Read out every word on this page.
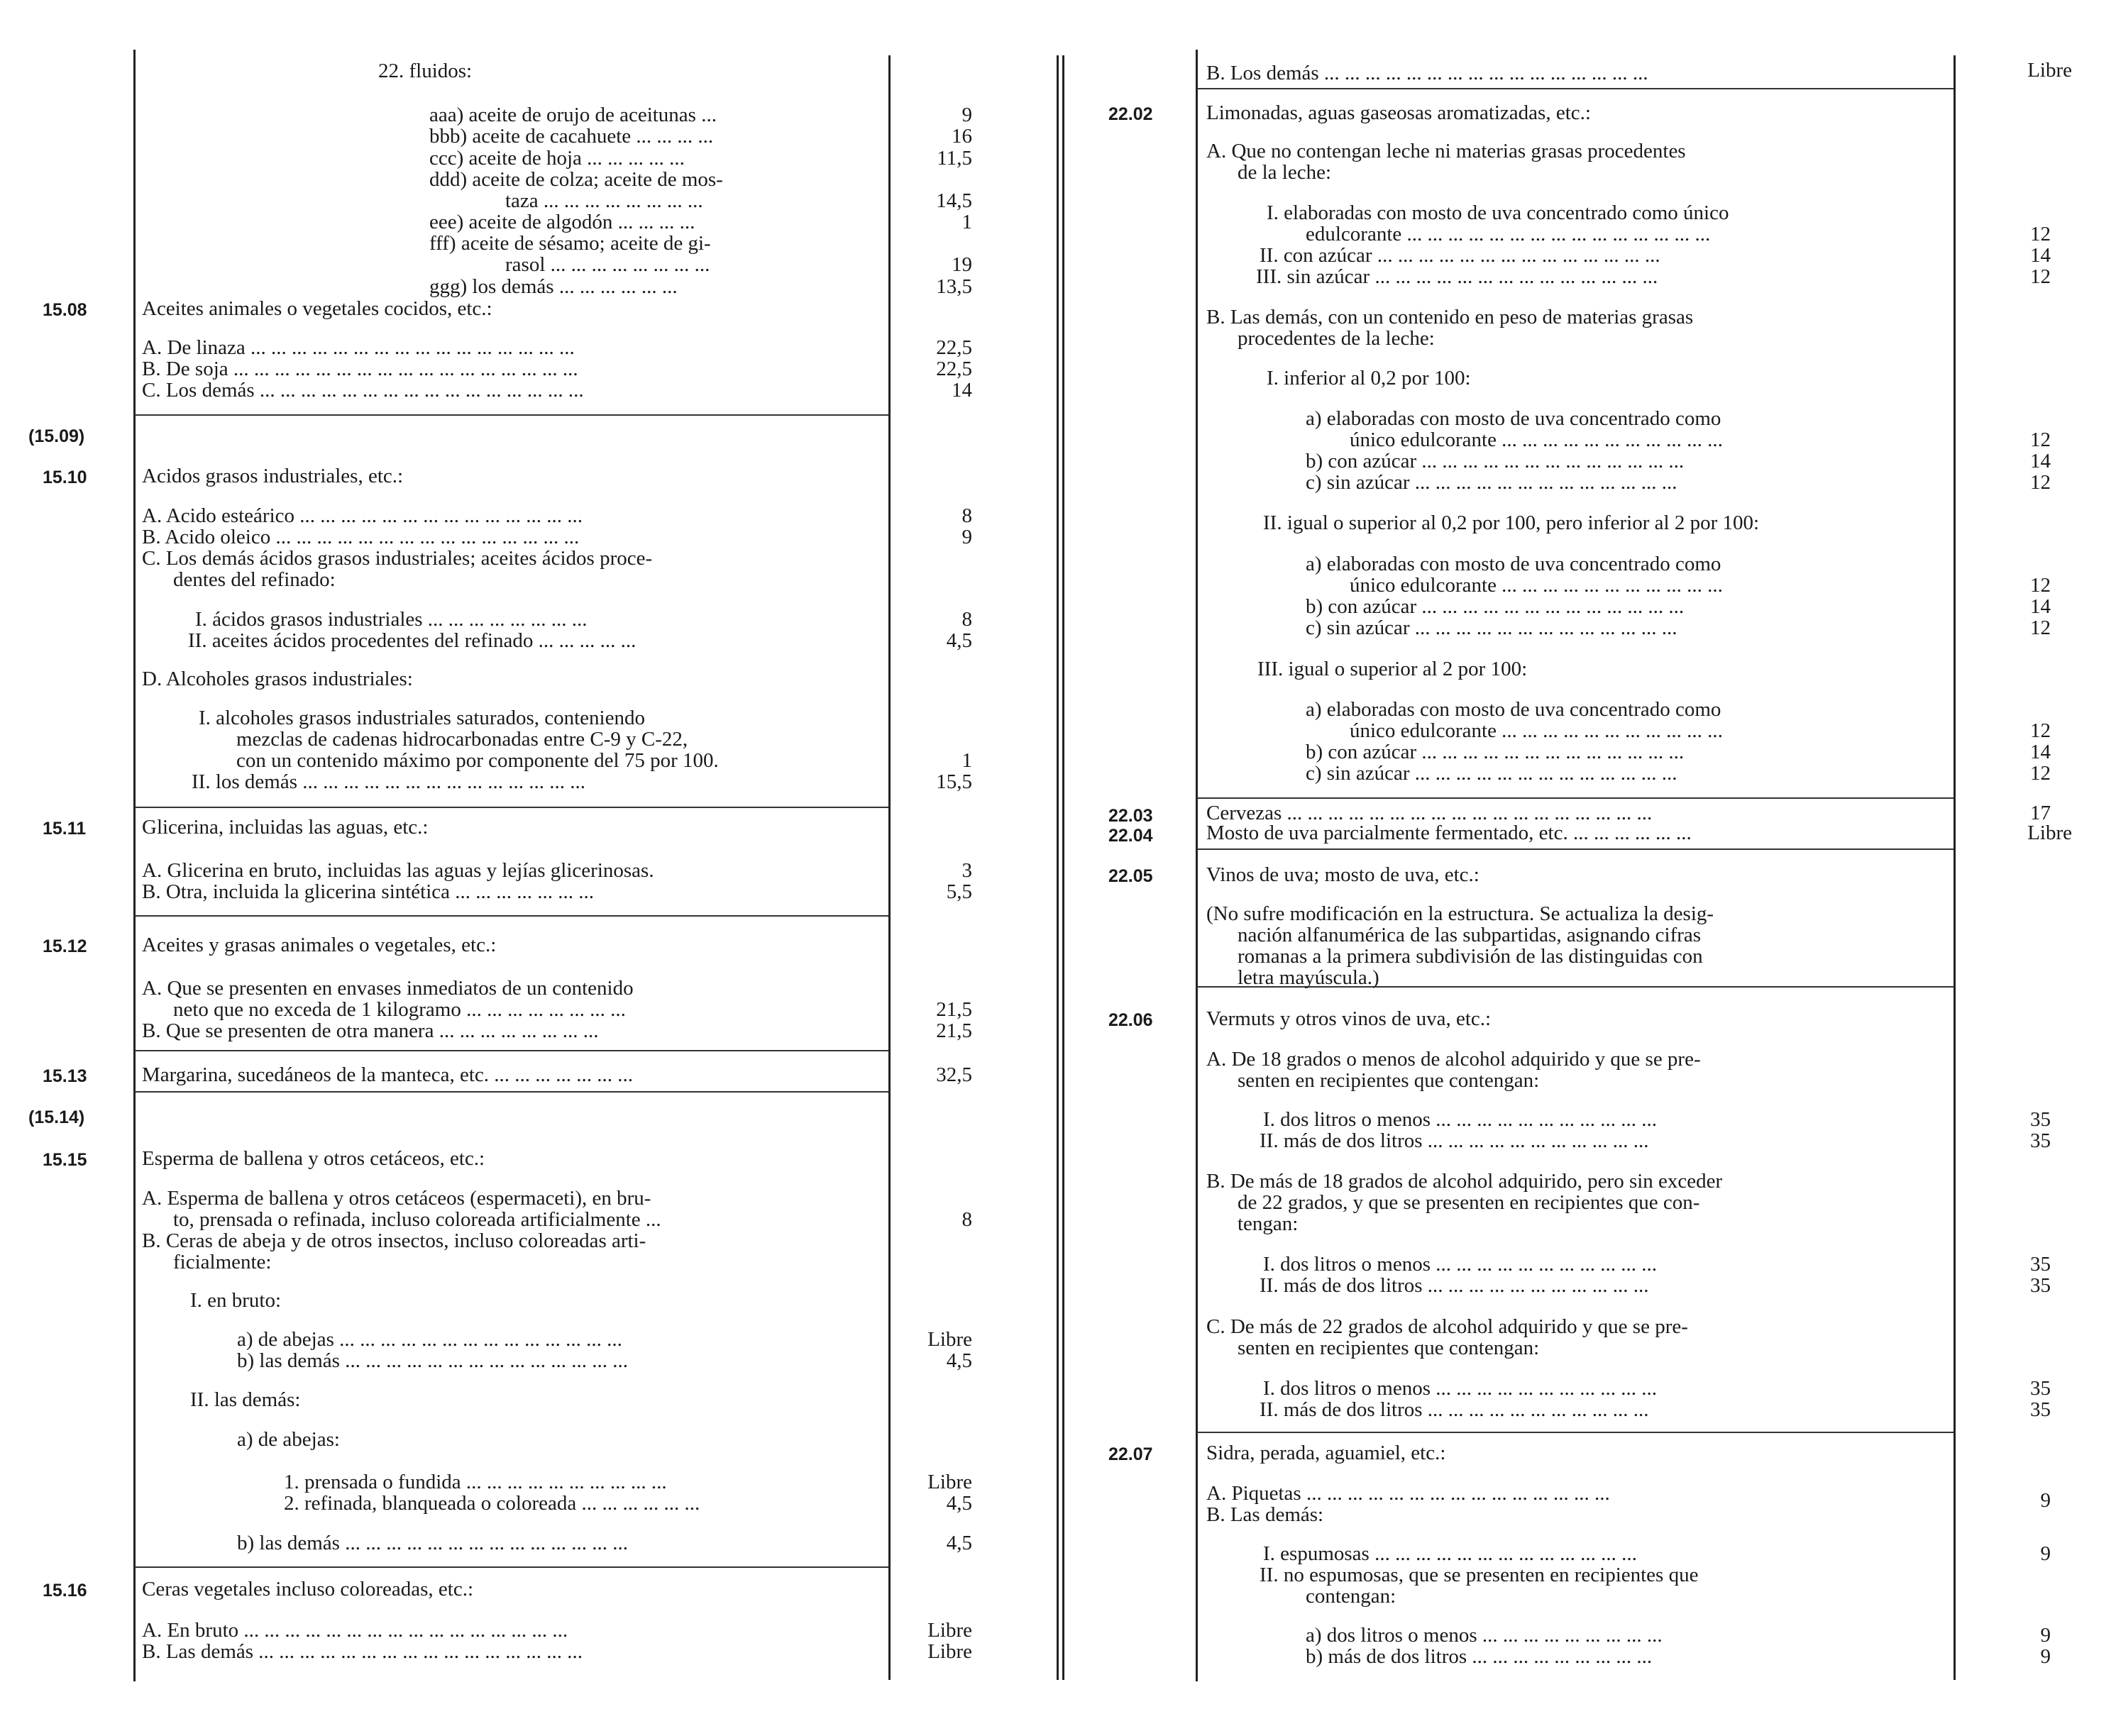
22. fluidos:
aaa) aceite de orujo de aceitunas ...	9
bbb) aceite de cacahuete ... ... ... ...	16
ccc) aceite de hoja ... ... ... ... ...	11,5
ddd) aceite de colza; aceite de mos-
taza ... ... ... ... ... ... ... ...	14,5
eee) aceite de algodón ... ... ... ...	1
fff) aceite de sésamo; aceite de gi-
rasol ... ... ... ... ... ... ... ...	19
ggg) los demás ... ... ... ... ... ...	13,5
15.08	Aceites animales o vegetales cocidos, etc.:
A. De linaza ... ... ... ... ... ... ... ... ... ... ... ... ... ... ... ...	22,5
B. De soja ... ... ... ... ... ... ... ... ... ... ... ... ... ... ... ... ...	22,5
C. Los demás ... ... ... ... ... ... ... ... ... ... ... ... ... ... ... ...	14
(15.09)
15.10	Acidos grasos industriales, etc.:
A. Acido esteárico ... ... ... ... ... ... ... ... ... ... ... ... ... ...	8
B. Acido oleico ... ... ... ... ... ... ... ... ... ... ... ... ... ... ...	9
C. Los demás ácidos grasos industriales; aceites ácidos proce-
dentes del refinado:
I. ácidos grasos industriales ... ... ... ... ... ... ... ...	8
II. aceites ácidos procedentes del refinado ... ... ... ... ...	4,5
D. Alcoholes grasos industriales:
I. alcoholes grasos industriales saturados, conteniendo
mezclas de cadenas hidrocarbonadas entre C-9 y C-22,
con un contenido máximo por componente del 75 por 100.	1
II. los demás ... ... ... ... ... ... ... ... ... ... ... ... ... ...	15,5
15.11	Glicerina, incluidas las aguas, etc.:
A. Glicerina en bruto, incluidas las aguas y lejías glicerinosas.	3
B. Otra, incluida la glicerina sintética ... ... ... ... ... ... ...	5,5
15.12	Aceites y grasas animales o vegetales, etc.:
A. Que se presenten en envases inmediatos de un contenido
neto que no exceda de 1 kilogramo ... ... ... ... ... ... ... ...	21,5
B. Que se presenten de otra manera ... ... ... ... ... ... ... ...	21,5
15.13	Margarina, sucedáneos de la manteca, etc. ... ... ... ... ... ... ...	32,5
(15.14)
15.15	Esperma de ballena y otros cetáceos, etc.:
A. Esperma de ballena y otros cetáceos (espermaceti), en bru-
to, prensada o refinada, incluso coloreada artificialmente ...	8
B. Ceras de abeja y de otros insectos, incluso coloreadas arti-
ficialmente:
I. en bruto:
a) de abejas ... ... ... ... ... ... ... ... ... ... ... ... ... ...	Libre
b) las demás ... ... ... ... ... ... ... ... ... ... ... ... ... ...	4,5
II. las demás:
a) de abejas:
1. prensada o fundida ... ... ... ... ... ... ... ... ... ...	Libre
2. refinada, blanqueada o coloreada ... ... ... ... ... ...	4,5
b) las demás ... ... ... ... ... ... ... ... ... ... ... ... ... ...	4,5
15.16	Ceras vegetales incluso coloreadas, etc.:
A. En bruto ... ... ... ... ... ... ... ... ... ... ... ... ... ... ... ...	Libre
B. Las demás ... ... ... ... ... ... ... ... ... ... ... ... ... ... ... ...	Libre
B. Los demás ... ... ... ... ... ... ... ... ... ... ... ... ... ... ... ...	Libre
22.02	Limonadas, aguas gaseosas aromatizadas, etc.:
A. Que no contengan leche ni materias grasas procedentes
de la leche:
I. elaboradas con mosto de uva concentrado como único
edulcorante ... ... ... ... ... ... ... ... ... ... ... ... ... ... ...	12
II. con azúcar ... ... ... ... ... ... ... ... ... ... ... ... ... ...	14
III. sin azúcar ... ... ... ... ... ... ... ... ... ... ... ... ... ...	12
B. Las demás, con un contenido en peso de materias grasas
procedentes de la leche:
I. inferior al 0,2 por 100:
a) elaboradas con mosto de uva concentrado como
único edulcorante ... ... ... ... ... ... ... ... ... ... ...	12
b) con azúcar ... ... ... ... ... ... ... ... ... ... ... ... ...	14
c) sin azúcar ... ... ... ... ... ... ... ... ... ... ... ... ...	12
II. igual o superior al 0,2 por 100, pero inferior al 2 por 100:
a) elaboradas con mosto de uva concentrado como
único edulcorante ... ... ... ... ... ... ... ... ... ... ...	12
b) con azúcar ... ... ... ... ... ... ... ... ... ... ... ... ...	14
c) sin azúcar ... ... ... ... ... ... ... ... ... ... ... ... ...	12
III. igual o superior al 2 por 100:
a) elaboradas con mosto de uva concentrado como
único edulcorante ... ... ... ... ... ... ... ... ... ... ...	12
b) con azúcar ... ... ... ... ... ... ... ... ... ... ... ... ...	14
c) sin azúcar ... ... ... ... ... ... ... ... ... ... ... ... ...	12
22.03	Cervezas ... ... ... ... ... ... ... ... ... ... ... ... ... ... ... ... ... ...	17
22.04	Mosto de uva parcialmente fermentado, etc. ... ... ... ... ... ...	Libre
22.05	Vinos de uva; mosto de uva, etc.:
(No sufre modificación en la estructura. Se actualiza la desig-
nación alfanumérica de las subpartidas, asignando cifras
romanas a la primera subdivisión de las distinguidas con
letra mayúscula.)
22.06	Vermuts y otros vinos de uva, etc.:
A. De 18 grados o menos de alcohol adquirido y que se pre-
senten en recipientes que contengan:
I. dos litros o menos ... ... ... ... ... ... ... ... ... ... ...	35
II. más de dos litros ... ... ... ... ... ... ... ... ... ... ...	35
B. De más de 18 grados de alcohol adquirido, pero sin exceder
de 22 grados, y que se presenten en recipientes que con-
tengan:
I. dos litros o menos ... ... ... ... ... ... ... ... ... ... ...	35
II. más de dos litros ... ... ... ... ... ... ... ... ... ... ...	35
C. De más de 22 grados de alcohol adquirido y que se pre-
senten en recipientes que contengan:
I. dos litros o menos ... ... ... ... ... ... ... ... ... ... ...	35
II. más de dos litros ... ... ... ... ... ... ... ... ... ... ...	35
22.07	Sidra, perada, aguamiel, etc.:
A. Piquetas ... ... ... ... ... ... ... ... ... ... ... ... ... ... ...	9
B. Las demás:
I. espumosas ... ... ... ... ... ... ... ... ... ... ... ... ...	9
II. no espumosas, que se presenten en recipientes que
contengan:
a) dos litros o menos ... ... ... ... ... ... ... ... ...	9
b) más de dos litros ... ... ... ... ... ... ... ... ...	9
